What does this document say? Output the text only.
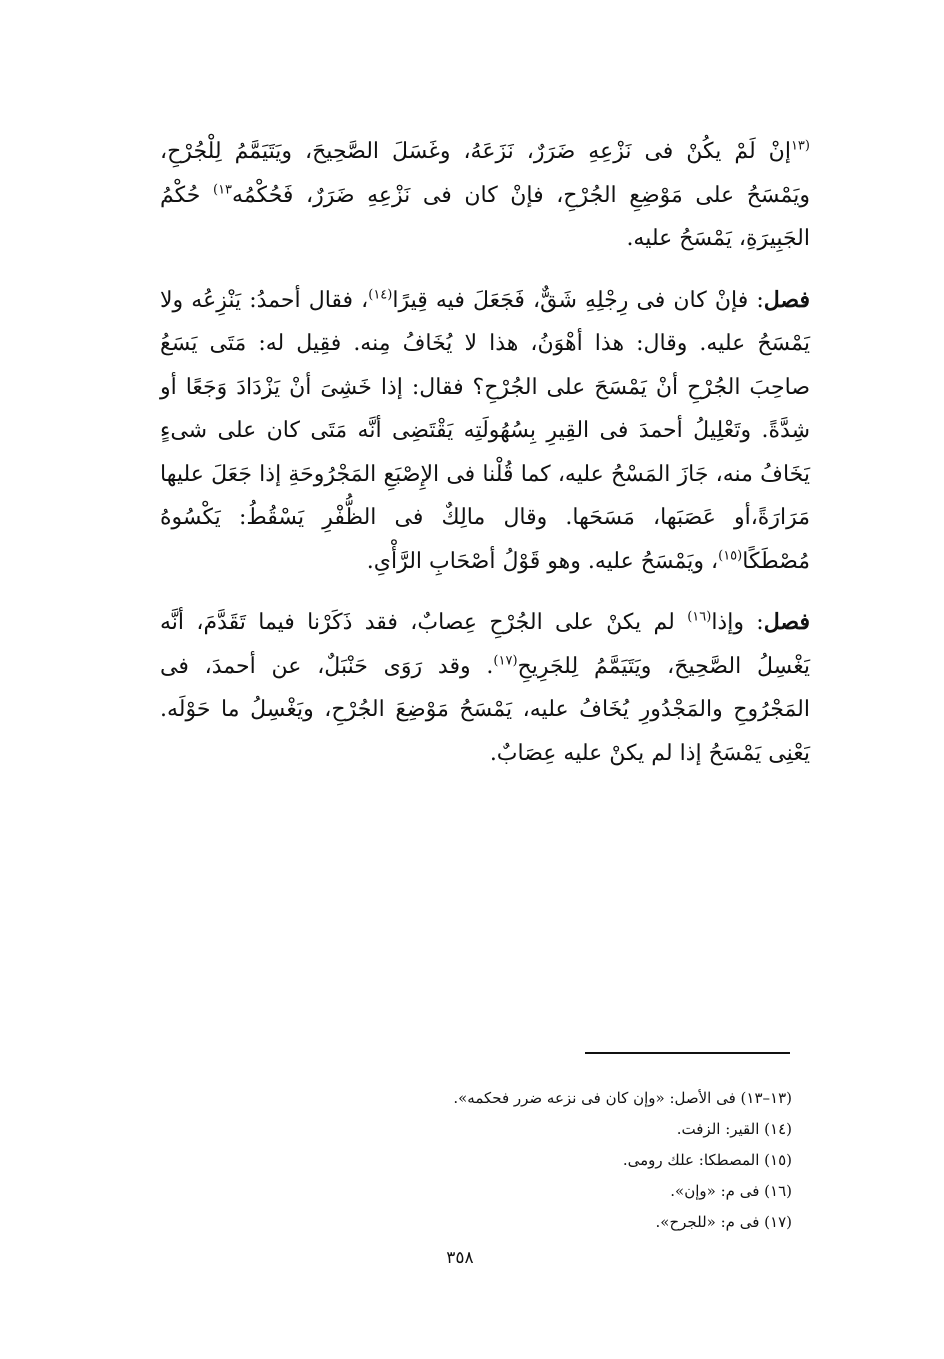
$^{(١٣}$إنْ لَمْ يكُنْ فى نَزْعِهِ ضَرَرٌ، نَزَعَهُ، وغَسَلَ الصَّحِيحَ، ويَتَيَمَّمُ لِلْجُرْحِ، ويَمْسَحُ على مَوْضِعِ الجُرْحِ، فإنْ كان فى نَزْعِهِ ضَرَرٌ، فَحُكْمُه$^{١٣)}$ حُكْمُ الجَبِيرَةِ، يَمْسَحُ عليه.

فصل: فإنْ كان فى رِجْلِهِ شَقٌّ، فَجَعَلَ فيه قِيرًا$^{(١٤)}$، فقال أحمدُ: يَنْزِعُه ولا يَمْسَحُ عليه. وقال: هذا أهْوَنُ، هذا لا يُخَافُ مِنه. فقِيل له: مَتَى يَسَعُ صاحِبَ الجُرْحِ أنْ يَمْسَحَ على الجُرْحِ؟ فقال: إذا خَشِىَ أنْ يَزْدَادَ وَجَعًا أو شِدَّةً. وتَعْلِيلُ أحمدَ فى القِيرِ بِسُهُولَتِه يَقْتَضِى أنَّه مَتَى كان على شىءٍ يَخَافُ منه، جَازَ المَسْحُ عليه، كما قُلْنا فى الإِصْبَعِ المَجْرُوحَةِ إذا جَعَلَ عليها مَرَارَةً،أو عَصَبَها، مَسَحَها. وقال مالِكٌ فى الظُّفْرِ يَسْقُطُ: يَكْسُوهُ مُصْطَكًا$^{(١٥)}$، ويَمْسَحُ عليه. وهو قَوْلُ أصْحَابِ الرَّأْىِ.

فصل: وإذا$^{(١٦)}$ لم يكنْ على الجُرْحِ عِصابٌ، فقد ذَكَرْنا فيما تَقَدَّمَ، أنَّه يَغْسِلُ الصَّحِيحَ، ويَتَيَمَّمُ لِلجَرِيحِ$^{(١٧)}$. وقد رَوَى حَنْبَلٌ، عن أحمدَ، فى المَجْرُوحِ والمَجْدُورِ يُخَافُ عليه، يَمْسَحُ مَوْضِعَ الجُرْحِ، ويَغْسِلُ ما حَوْلَه. يَعْنِى يَمْسَحُ إذا لم يكنْ عليه عِصَابٌ.

(١٣–١٣) فى الأصل: «وإن كان فى نزعه ضرر فحكمه».
(١٤) القير: الزفت.
(١٥) المصطكا: علك رومى.
(١٦) فى م: «وإن».
(١٧) فى م: «للجرح».
٣٥٨
